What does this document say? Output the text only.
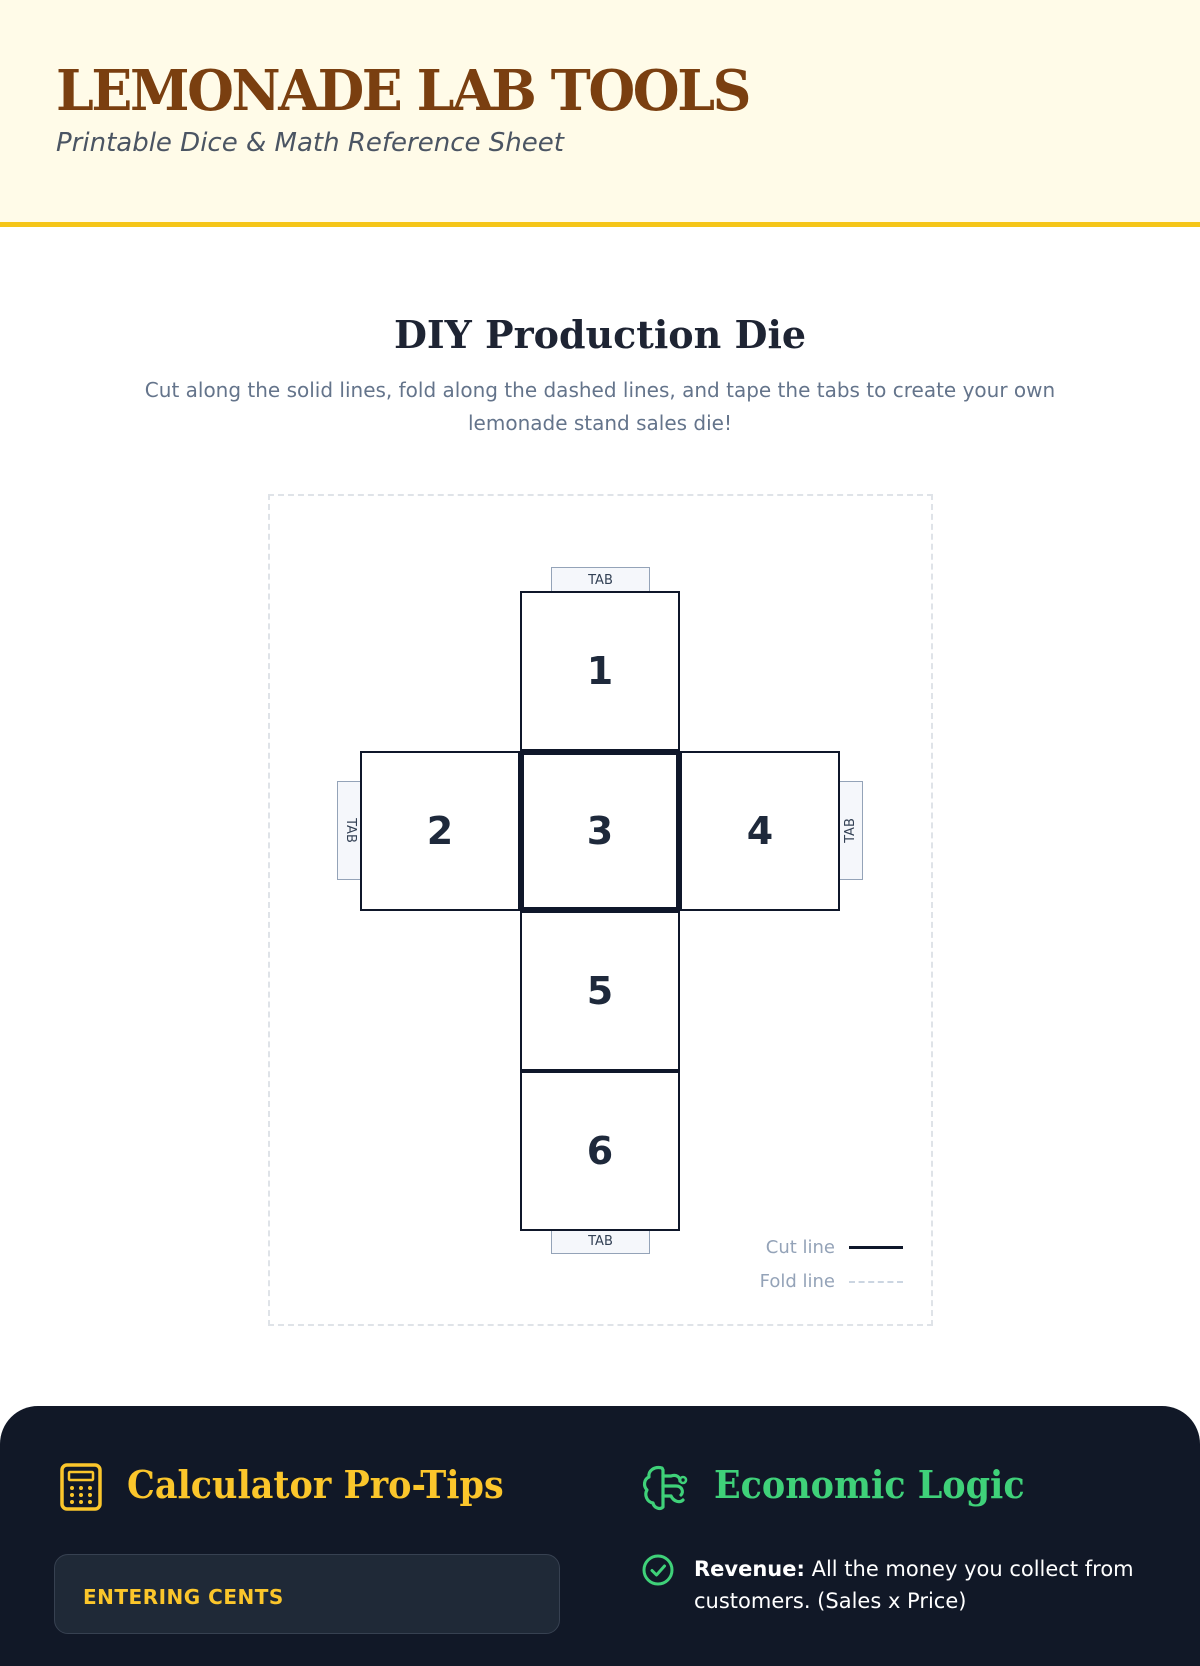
LEMONADE LAB TOOLS
Printable Dice & Math Reference Sheet
DIY Production Die

Cut along the solid lines, fold along the dashed lines, and tape the tabs to create your own lemonade stand sales die!

TAB
TAB	TAB
TAB
1
2	3	4
5
6
Cut line
Fold line
Calculator Pro-Tips	Economic Logic
ENTERING CENTS

Revenue: All the money you collect from customers. (Sales x Price)
